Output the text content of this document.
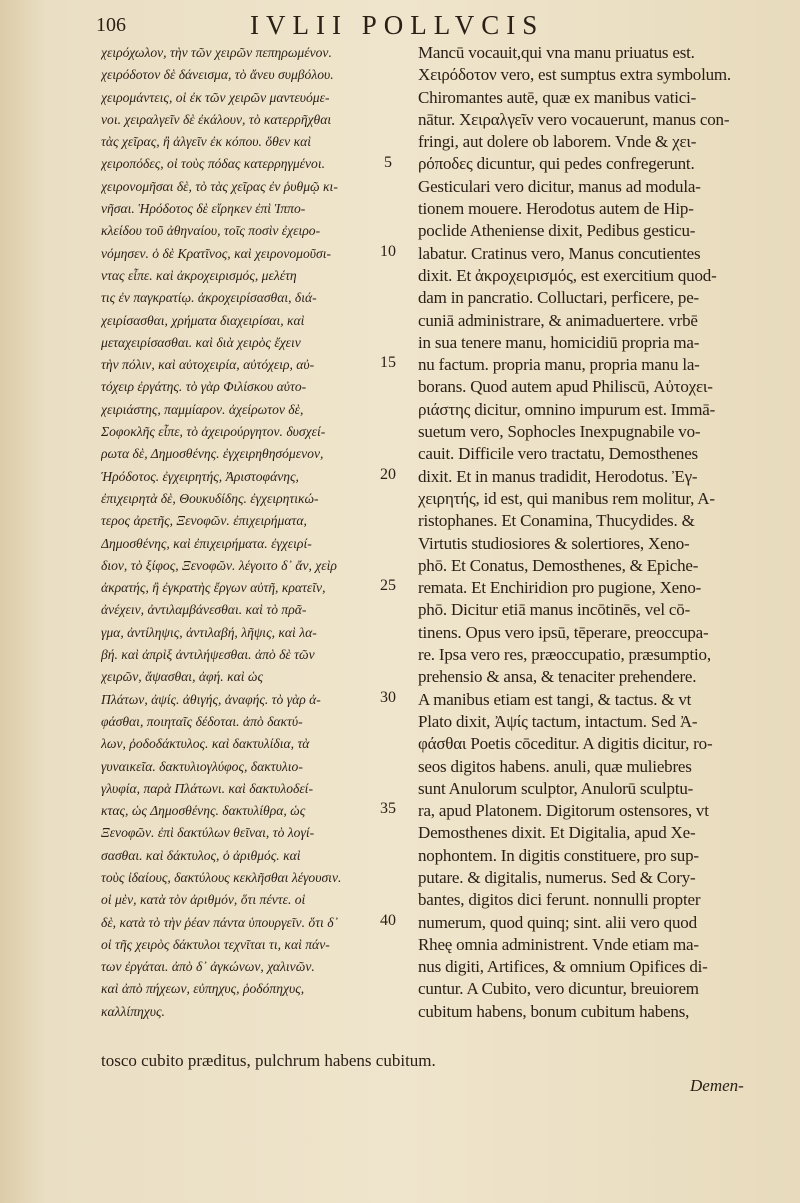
106	IVLII POLLVCIS
χειρόχωλον, τὴν τῶν χειρῶν πεπηρωμένον.
χειρόδοτον δὲ δάνεισμα, τὸ ἄνευ συμβόλου.
χειρομάντεις, οἱ ἐκ τῶν χειρῶν μαντευόμε-
νοι. χειραλγεῖν δὲ ἐκάλουν, τὸ κατερρῆχθαι
τὰς χεῖρας, ἢ ἀλγεῖν ἐκ κόπου. ὅθεν καὶ
χειροπόδες, οἱ τοὺς πόδας κατερρηγμένοι.
χειρονομῆσαι δὲ, τὸ τὰς χεῖρας ἐν ῥυθμῷ κι-
νῆσαι. Ἡρόδοτος δὲ εἴρηκεν ἐπὶ Ἱππο-
κλείδου τοῦ ἀθηναίου, τοῖς ποσὶν ἐχειρο-
νόμησεν. ὁ δὲ Κρατῖνος, καὶ χειρονομοῦσι-
ντας εἶπε. καὶ ἀκροχειρισμός, μελέτη
τις ἐν παγκρατίῳ. ἀκροχειρίσασθαι, διά-
χειρίσασθαι, χρήματα διαχειρίσαι, καὶ
μεταχειρίσασθαι. καὶ διὰ χειρὸς ἔχειν
τὴν πόλιν, καὶ αὐτοχειρία, αὐτόχειρ, αὐ-
τόχειρ ἐργάτης. τὸ γὰρ Φιλίσκου αὐτο-
χειριάστης, παμμίαρον. ἀχείρωτον δὲ,
Σοφοκλῆς εἶπε, τὸ ἀχειρούργητον. δυσχεί-
ρωτα δὲ, Δημοσθένης. ἐγχειρηθησόμενον,
Ἡρόδοτος. ἐγχειρητής, Ἀριστοφάνης,
ἐπιχειρητὰ δὲ, Θουκυδίδης. ἐγχειρητικώ-
τερος ἀρετῆς, Ξενοφῶν. ἐπιχειρήματα,
Δημοσθένης, καὶ ἐπιχειρήματα. ἐγχειρί-
διον, τὸ ξίφος, Ξενοφῶν. λέγοιτο δ᾽ ἄν, χεὶρ
ἀκρατής, ἢ ἐγκρατὴς ἔργων αὐτῆ, κρατεῖν,
ἀνέχειν, ἀντιλαμβάνεσθαι. καὶ τὸ πρᾶ-
γμα, ἀντίληψις, ἀντιλαβή, λῆψις, καὶ λα-
βή. καὶ ἀπρὶξ ἀντιλήψεσθαι. ἀπὸ δὲ τῶν
χειρῶν, ἅψασθαι, ἀφή. καὶ ὡς
Πλάτων, ἀψίς. ἀθιγής, ἀναφής. τὸ γὰρ ἀ-
φάσθαι, ποιηταῖς δέδοται. ἀπὸ δακτύ-
λων, ῥοδοδάκτυλος. καὶ δακτυλίδια, τὰ
γυναικεῖα. δακτυλιογλύφος, δακτυλιο-
γλυφία, παρὰ Πλάτωνι. καὶ δακτυλοδεί-
κτας, ὡς Δημοσθένης. δακτυλίθρα, ὡς
Ξενοφῶν. ἐπὶ δακτύλων θεῖναι, τὸ λογί-
σασθαι. καὶ δάκτυλος, ὁ ἀριθμός. καὶ
τοὺς ἰδαίους, δακτύλους κεκλῆσθαι λέγουσιν.
οἱ μὲν, κατὰ τὸν ἀριθμόν, ὅτι πέντε. οἱ
δὲ, κατὰ τὸ τὴν ῥέαν πάντα ὑπουργεῖν. ὅτι δ᾽
οἱ τῆς χειρὸς δάκτυλοι τεχνῖται τι, καὶ πάν-
των ἐργάται. ἀπὸ δ᾽ ἀγκώνων, χαλινῶν.
καὶ ἀπὸ πήχεων, εὐπηχυς, ῥοδόπηχυς,
καλλίπηχυς.
5
10
15
20
25
30
35
40
Mancū vocauit,qui vna manu priuatus est.
Χειρόδοτον vero, est sumptus extra symbolum.
Chiromantes autē, quæ ex manibus vatici-
nātur. Χειραλγεῖν vero vocauerunt, manus con-
fringi, aut dolere ob laborem. Vnde & χει-
ρόποδες dicuntur, qui pedes confregerunt.
Gesticulari vero dicitur, manus ad modula-
tionem mouere. Herodotus autem de Hip-
poclide Atheniense dixit, Pedibus gesticu-
labatur. Cratinus vero, Manus concutientes
dixit. Et ἀκροχειρισμός, est exercitium quod-
dam in pancratio. Colluctari, perficere, pe-
cuniā administrare, & animaduertere. vrbē
in sua tenere manu, homicidiū propria ma-
nu factum. propria manu, propria manu la-
borans. Quod autem apud Philiscū, Αὐτοχει-
ριάστης dicitur, omnino impurum est. Immā-
suetum vero, Sophocles Inexpugnabile vo-
cauit. Difficile vero tractatu, Demosthenes
dixit. Et in manus tradidit, Herodotus. Ἐγ-
χειρητής, id est, qui manibus rem molitur, A-
ristophanes. Et Conamina, Thucydides. &
Virtutis studiosiores & solertiores, Xeno-
phō. Et Conatus, Demosthenes, & Epiche-
remata. Et Enchiridion pro pugione, Xeno-
phō. Dicitur etiā manus incōtinēs, vel cō-
tinens. Opus vero ipsū, tēperare, preoccupa-
re. Ipsa vero res, præoccupatio, præsumptio,
prehensio & ansa, & tenaciter prehendere.
A manibus etiam est tangi, & tactus. & vt
Plato dixit, Ἀψίς tactum, intactum. Sed Ἀ-
φάσθαι Poetis cōceditur. A digitis dicitur, ro-
seos digitos habens. anuli, quæ muliebres
sunt Anulorum sculptor, Anulorū sculptu-
ra, apud Platonem. Digitorum ostensores, vt
Demosthenes dixit. Et Digitalia, apud Xe-
nophontem. In digitis constituere, pro sup-
putare. & digitalis, numerus. Sed & Cory-
bantes, digitos dici ferunt. nonnulli propter
numerum, quod quinq; sint. alii vero quod
Rheę omnia administrent. Vnde etiam ma-
nus digiti, Artifices, & omnium Opifices di-
cuntur. A Cubito, vero dicuntur, breuiorem
cubitum habens, bonum cubitum habens,
tosco cubito præditus, pulchrum habens cubitum.
Demen-
